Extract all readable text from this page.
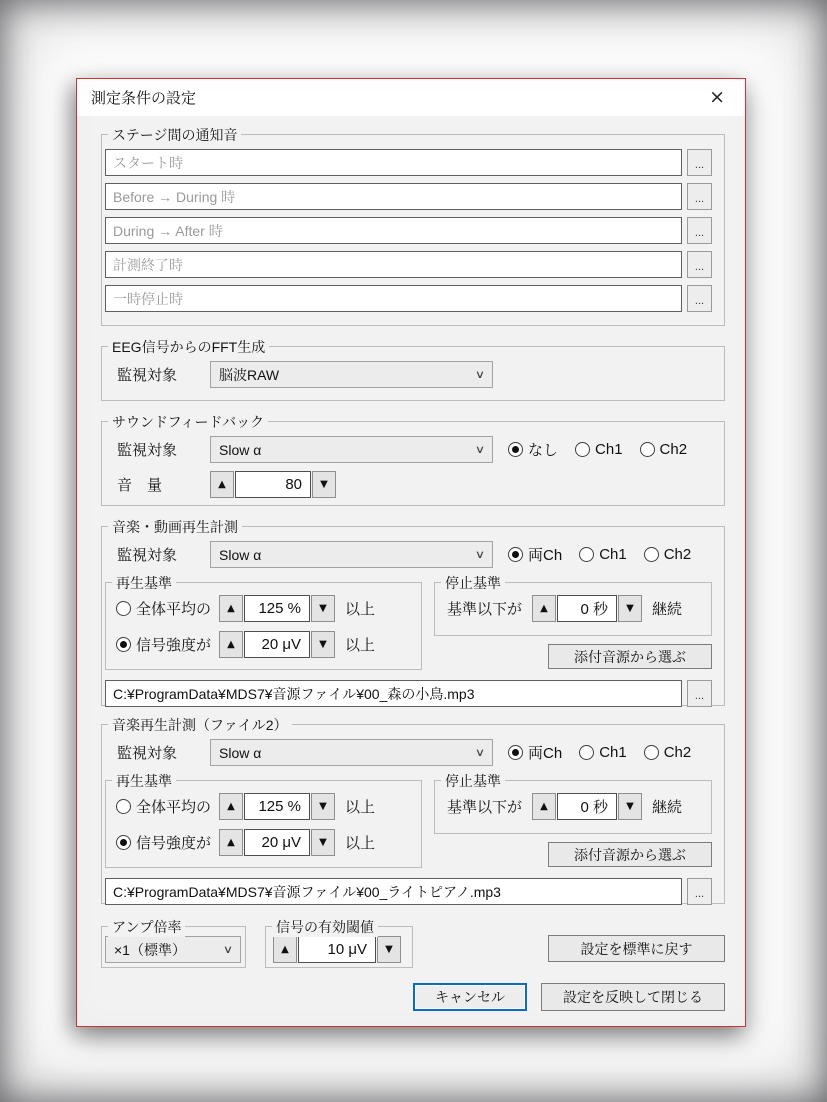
測定条件の設定	×
ステージ間の通知音
スタート時	...
Before → During 時	...
During → After 時	...
計測終了時	...
一時停止時	...
EEG信号からのFFT生成
監視対象	脳波RAW	∨
サウンドフィードバック
監視対象	Slow α	∨	なし Ch1 Ch2
音　量	▲	80	▼
音楽・動画再生計測
監視対象	Slow α	∨	両Ch Ch1 Ch2
再生基準
全体平均の	▲	125 %	▼	以上
信号強度が	▲	20 μV	▼	以上
停止基準
基準以下が	▲	0 秒	▼	継続
添付音源から選ぶ
C:¥ProgramData¥MDS7¥音源ファイル¥00_森の小鳥.mp3	...
音楽再生計測（ファイル2）
監視対象	Slow α	∨	両Ch Ch1 Ch2
再生基準
全体平均の	▲	125 %	▼	以上
信号強度が	▲	20 μV	▼	以上
停止基準
基準以下が	▲	0 秒	▼	継続
添付音源から選ぶ
C:¥ProgramData¥MDS7¥音源ファイル¥00_ライトピアノ.mp3	...
アンプ倍率
×1（標準）	∨
信号の有効閾値
▲	10 μV	▼	設定を標準に戻す
キャンセル	設定を反映して閉じる
